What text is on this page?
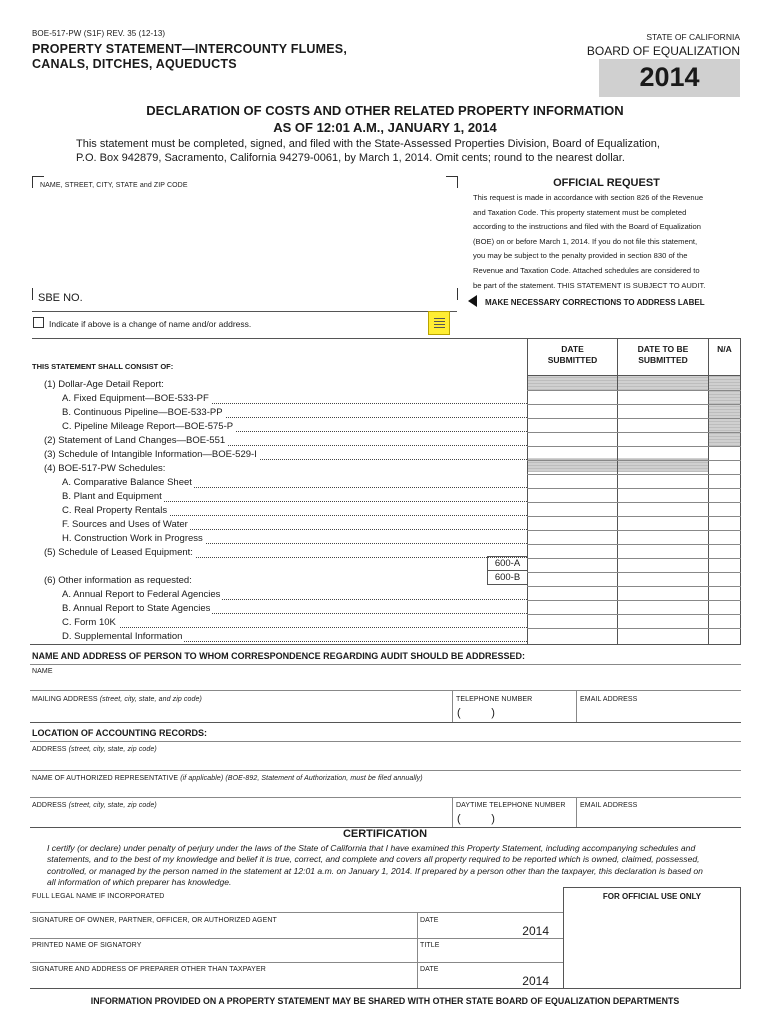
BOE-517-PW (S1F) REV. 35 (12-13)
PROPERTY STATEMENT—INTERCOUNTY FLUMES,
CANALS, DITCHES, AQUEDUCTS
STATE OF CALIFORNIA
BOARD OF EQUALIZATION
2014
DECLARATION OF COSTS AND OTHER RELATED PROPERTY INFORMATION
AS OF 12:01 A.M., JANUARY 1, 2014
This statement must be completed, signed, and filed with the State-Assessed Properties Division, Board of Equalization,
P.O. Box 942879, Sacramento, California 94279-0061, by March 1, 2014. Omit cents; round to the nearest dollar.
NAME, STREET, CITY, STATE and ZIP CODE
SBE NO.
Indicate if above is a change of name and/or address.
OFFICIAL REQUEST
This request is made in accordance with section 826 of the Revenue
and Taxation Code. This property statement must be completed
according to the instructions and filed with the Board of Equalization
(BOE) on or before March 1, 2014. If you do not file this statement,
you may be subject to the penalty provided in section 830 of the
Revenue and Taxation Code. Attached schedules are considered to
be part of the statement. THIS STATEMENT IS SUBJECT TO AUDIT.
MAKE NECESSARY CORRECTIONS TO ADDRESS LABEL
DATE
SUBMITTED
DATE TO BE
SUBMITTED
N/A
THIS STATEMENT SHALL CONSIST OF:
(1) Dollar-Age Detail Report:
A. Fixed Equipment—BOE-533-PF
B. Continuous Pipeline—BOE-533-PP
C. Pipeline Mileage Report—BOE-575-P
(2) Statement of Land Changes—BOE-551
(3) Schedule of Intangible Information—BOE-529-I
(4) BOE-517-PW Schedules:
A. Comparative Balance Sheet
B. Plant and Equipment
C. Real Property Rentals
F. Sources and Uses of Water
H. Construction Work in Progress
(5) Schedule of Leased Equipment:
(6) Other information as requested:
A. Annual Report to Federal Agencies
B. Annual Report to State Agencies
C. Form 10K
D. Supplemental Information
600-A
600-B
NAME AND ADDRESS OF PERSON TO WHOM CORRESPONDENCE REGARDING AUDIT SHOULD BE ADDRESSED:
NAME
MAILING ADDRESS (street, city, state, and zip code)	TELEPHONE NUMBER
(          )
EMAIL ADDRESS
LOCATION OF ACCOUNTING RECORDS:
ADDRESS (street, city, state, zip code)
NAME OF AUTHORIZED REPRESENTATIVE (if applicable) (BOE-892, Statement of Authorization, must be filed annually)
ADDRESS (street, city, state, zip code)	DAYTIME TELEPHONE NUMBER
(          )
EMAIL ADDRESS
CERTIFICATION
I certify (or declare) under penalty of perjury under the laws of the State of California that I have examined this Property Statement, including accompanying schedules and
statements, and to the best of my knowledge and belief it is true, correct, and complete and covers all property required to be reported which is owned, claimed, possessed,
controlled, or managed by the person named in the statement at 12:01 a.m. on January 1, 2014. If prepared by a person other than the taxpayer, this declaration is based on
all information of which preparer has knowledge.
FULL LEGAL NAME IF INCORPORATED	FOR OFFICIAL USE ONLY
SIGNATURE OF OWNER, PARTNER, OFFICER, OR AUTHORIZED AGENT	DATE
2014
PRINTED NAME OF SIGNATORY	TITLE
SIGNATURE AND ADDRESS OF PREPARER OTHER THAN TAXPAYER	DATE
2014
INFORMATION PROVIDED ON A PROPERTY STATEMENT MAY BE SHARED WITH OTHER STATE BOARD OF EQUALIZATION DEPARTMENTS
